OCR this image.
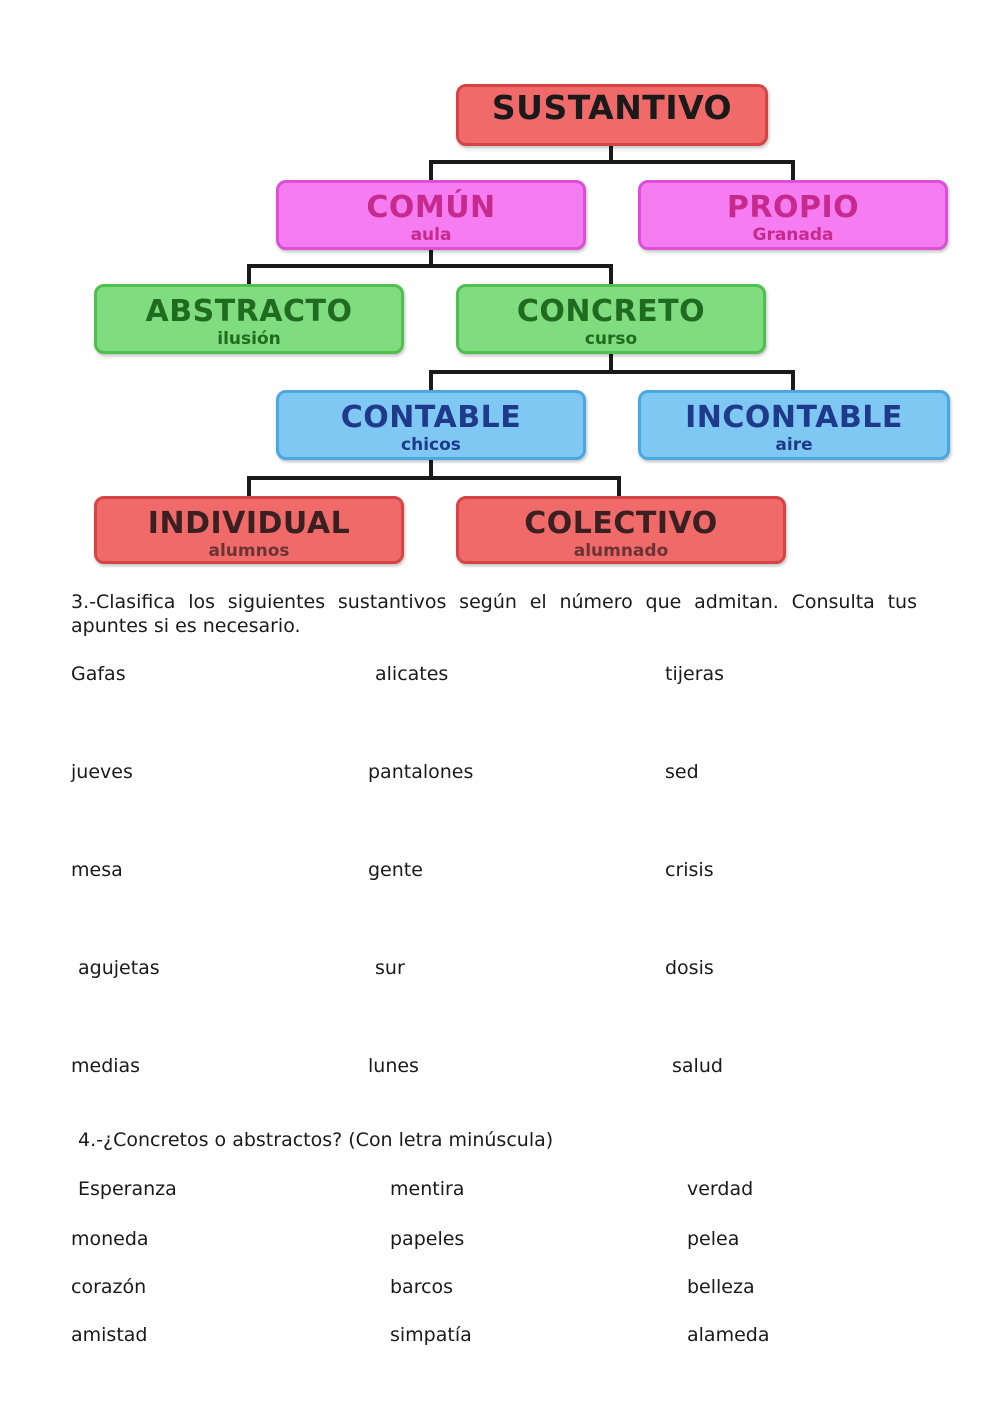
SUSTANTIVO
COMÚN
aula
PROPIO
Granada
ABSTRACTO
ilusión
CONCRETO
curso
CONTABLE
chicos
INCONTABLE
aire
INDIVIDUAL
alumnos
COLECTIVO
alumnado

3.-Clasifica los siguientes sustantivos según el número que admitan. Consulta tus apuntes si es necesario.

Gafas	alicates	tijeras
jueves	pantalones	sed
mesa	gente	crisis
agujetas	sur	dosis
medias	lunes	salud

4.-¿Concretos o abstractos? (Con letra minúscula)

Esperanza	mentira	verdad
moneda	papeles	pelea
corazón	barcos	belleza
amistad	simpatía	alameda
